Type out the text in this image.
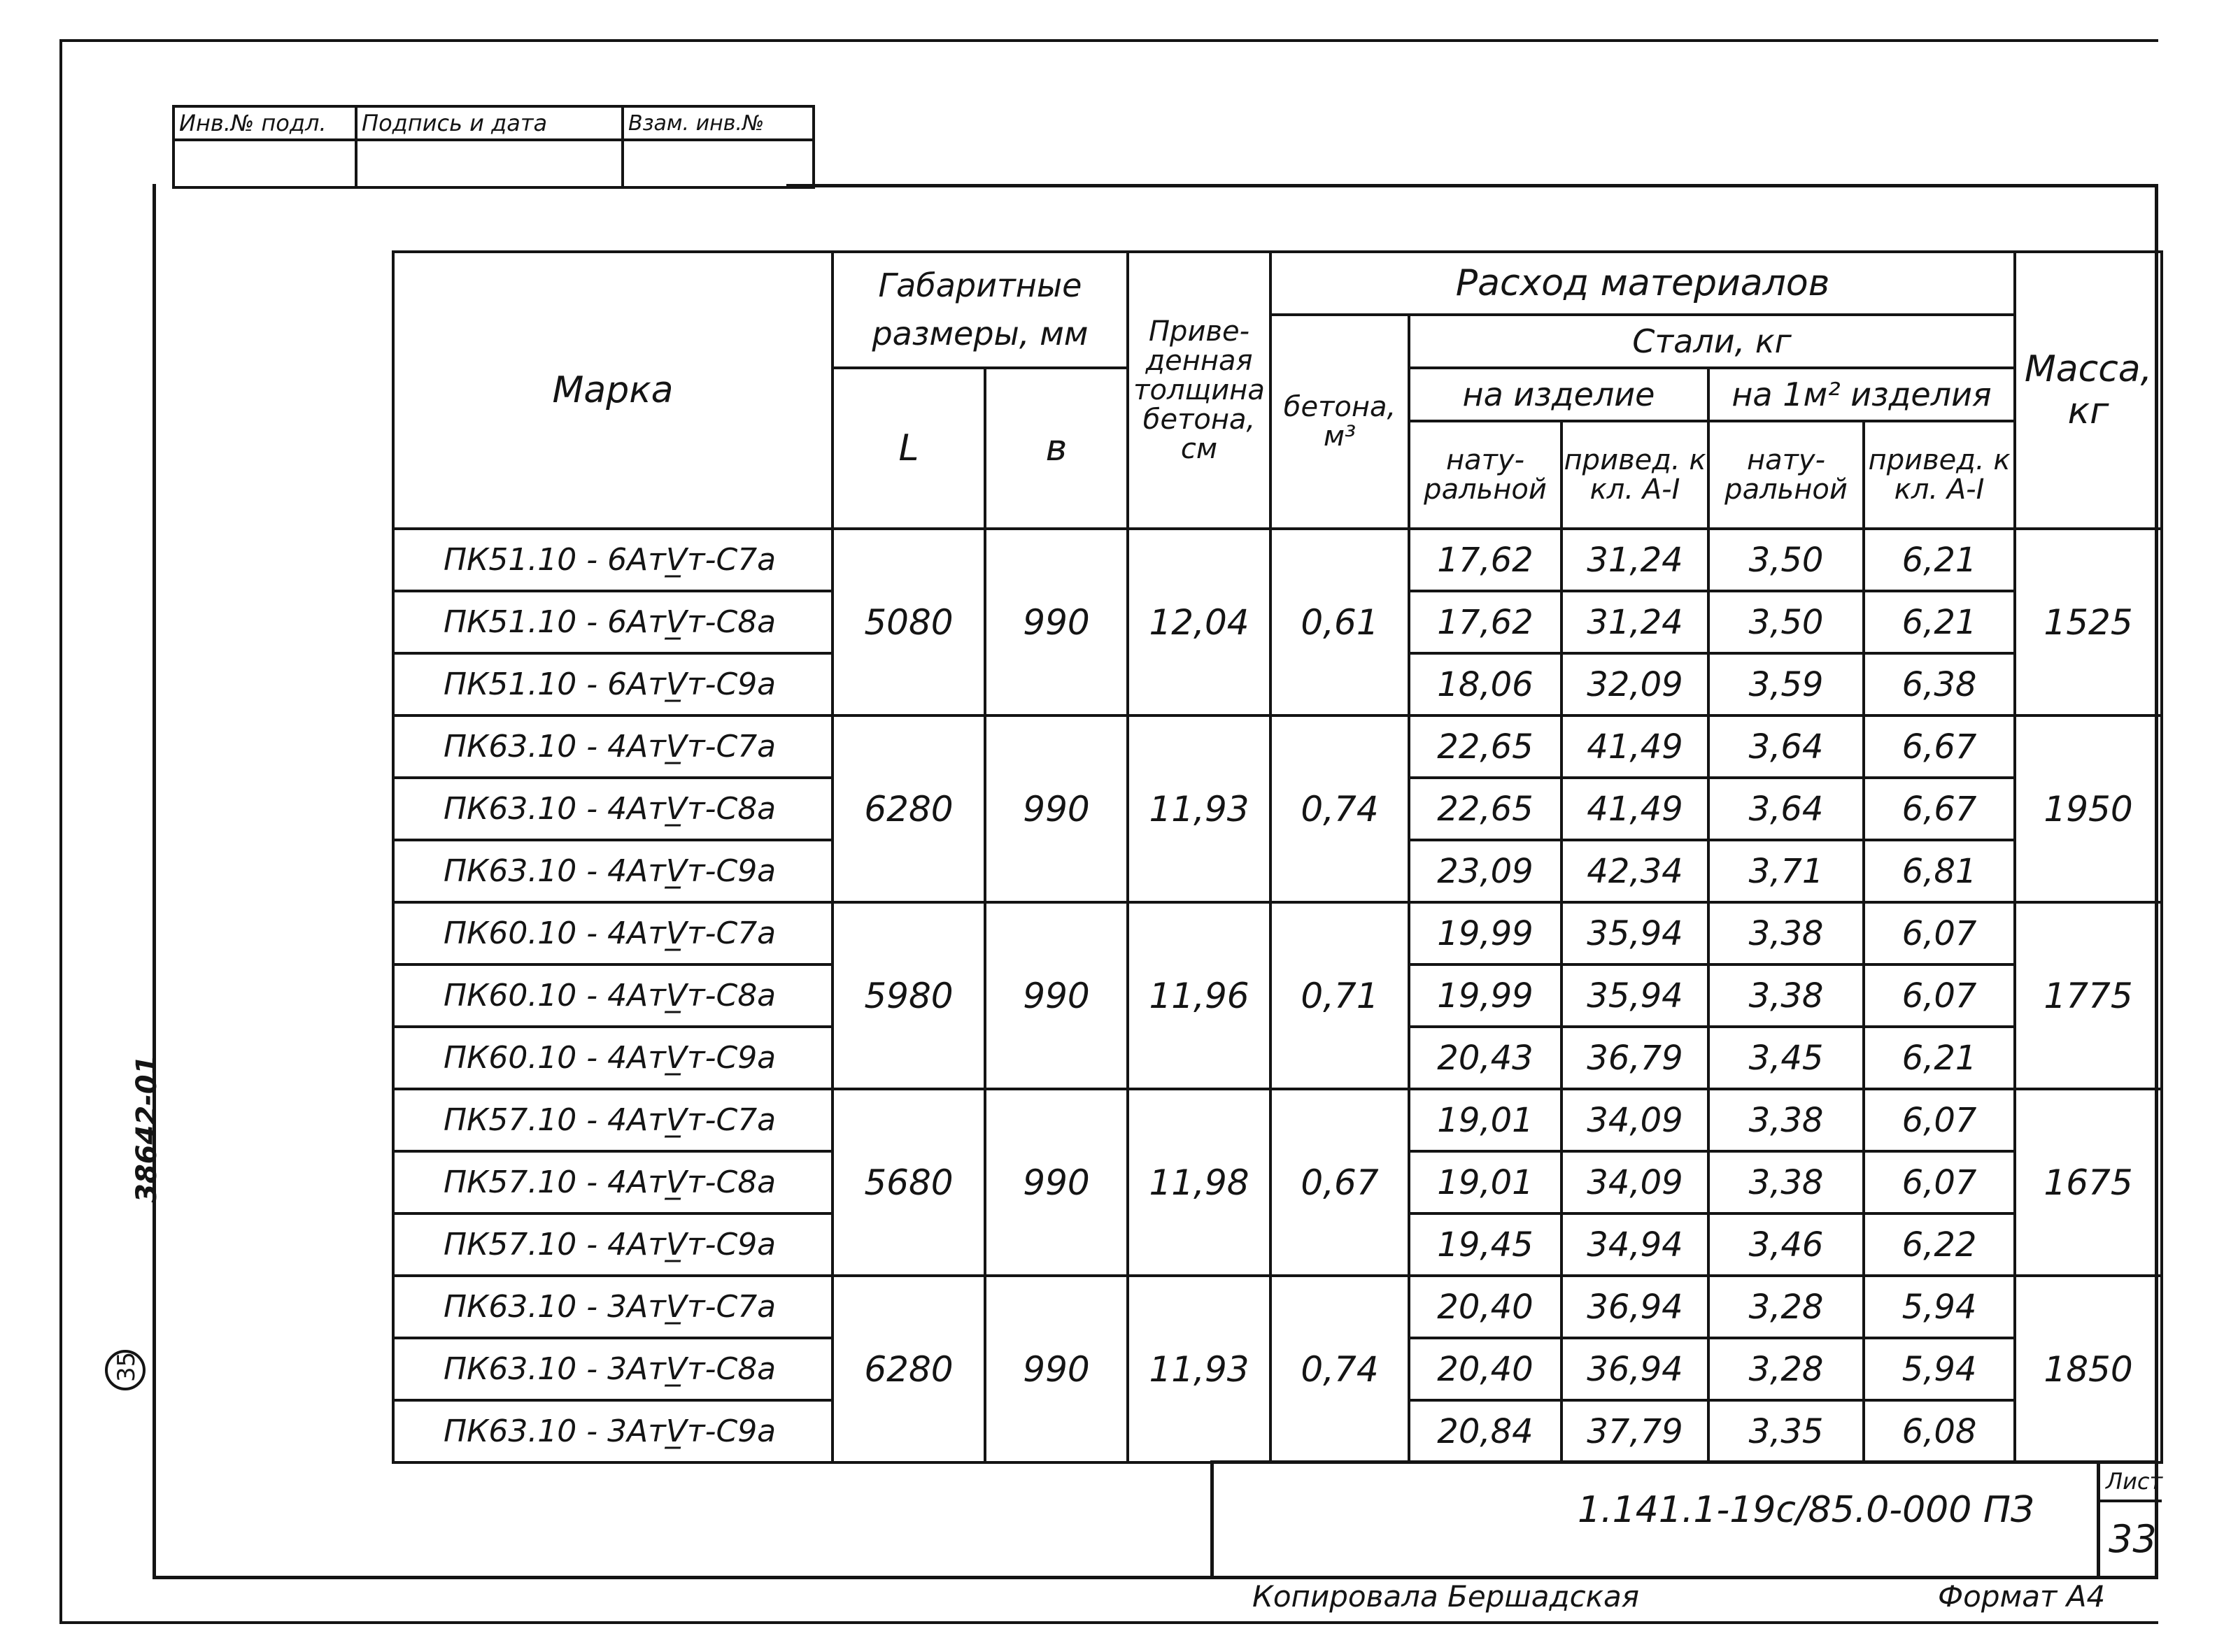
Инв.№ подл.	Подпись и дата	Взам. инв.№

Марка	Габаритные размеры, мм		Приве-денная толщина бетона, см	Расход материалов					Масса, кг
				бетона, м³	Стали, кг				
	L	в			на изделие		на 1м² изделия		
					нату-ральной	привед. к кл. A-I	нату-ральной	привед. к кл. A-I	
ПК51.10 - 6AтV̲т-C7a	5080	990	12,04	0,61	17,62	31,24	3,50	6,21	1525
ПК51.10 - 6AтV̲т-C8a					17,62	31,24	3,50	6,21	
ПК51.10 - 6AтV̲т-C9a					18,06	32,09	3,59	6,38	
ПК63.10 - 4AтV̲т-C7a	6280	990	11,93	0,74	22,65	41,49	3,64	6,67	1950
ПК63.10 - 4AтV̲т-C8a					22,65	41,49	3,64	6,67	
ПК63.10 - 4AтV̲т-C9a					23,09	42,34	3,71	6,81	
ПК60.10 - 4AтV̲т-C7a	5980	990	11,96	0,71	19,99	35,94	3,38	6,07	1775
ПК60.10 - 4AтV̲т-C8a					19,99	35,94	3,38	6,07	
ПК60.10 - 4AтV̲т-C9a					20,43	36,79	3,45	6,21	
ПК57.10 - 4AтV̲т-C7a	5680	990	11,98	0,67	19,01	34,09	3,38	6,07	1675
ПК57.10 - 4AтV̲т-C8a					19,01	34,09	3,38	6,07	
ПК57.10 - 4AтV̲т-C9a					19,45	34,94	3,46	6,22	
ПК63.10 - 3AтV̲т-C7a	6280	990	11,93	0,74	20,40	36,94	3,28	5,94	1850
ПК63.10 - 3AтV̲т-C8a					20,40	36,94	3,28	5,94	
ПК63.10 - 3AтV̲т-C9a					20,84	37,79	3,35	6,08	
1.141.1-19с/85.0-000 ПЗ
Лист
33
Копировала Бершадская	Формат А4
38642-01
35
